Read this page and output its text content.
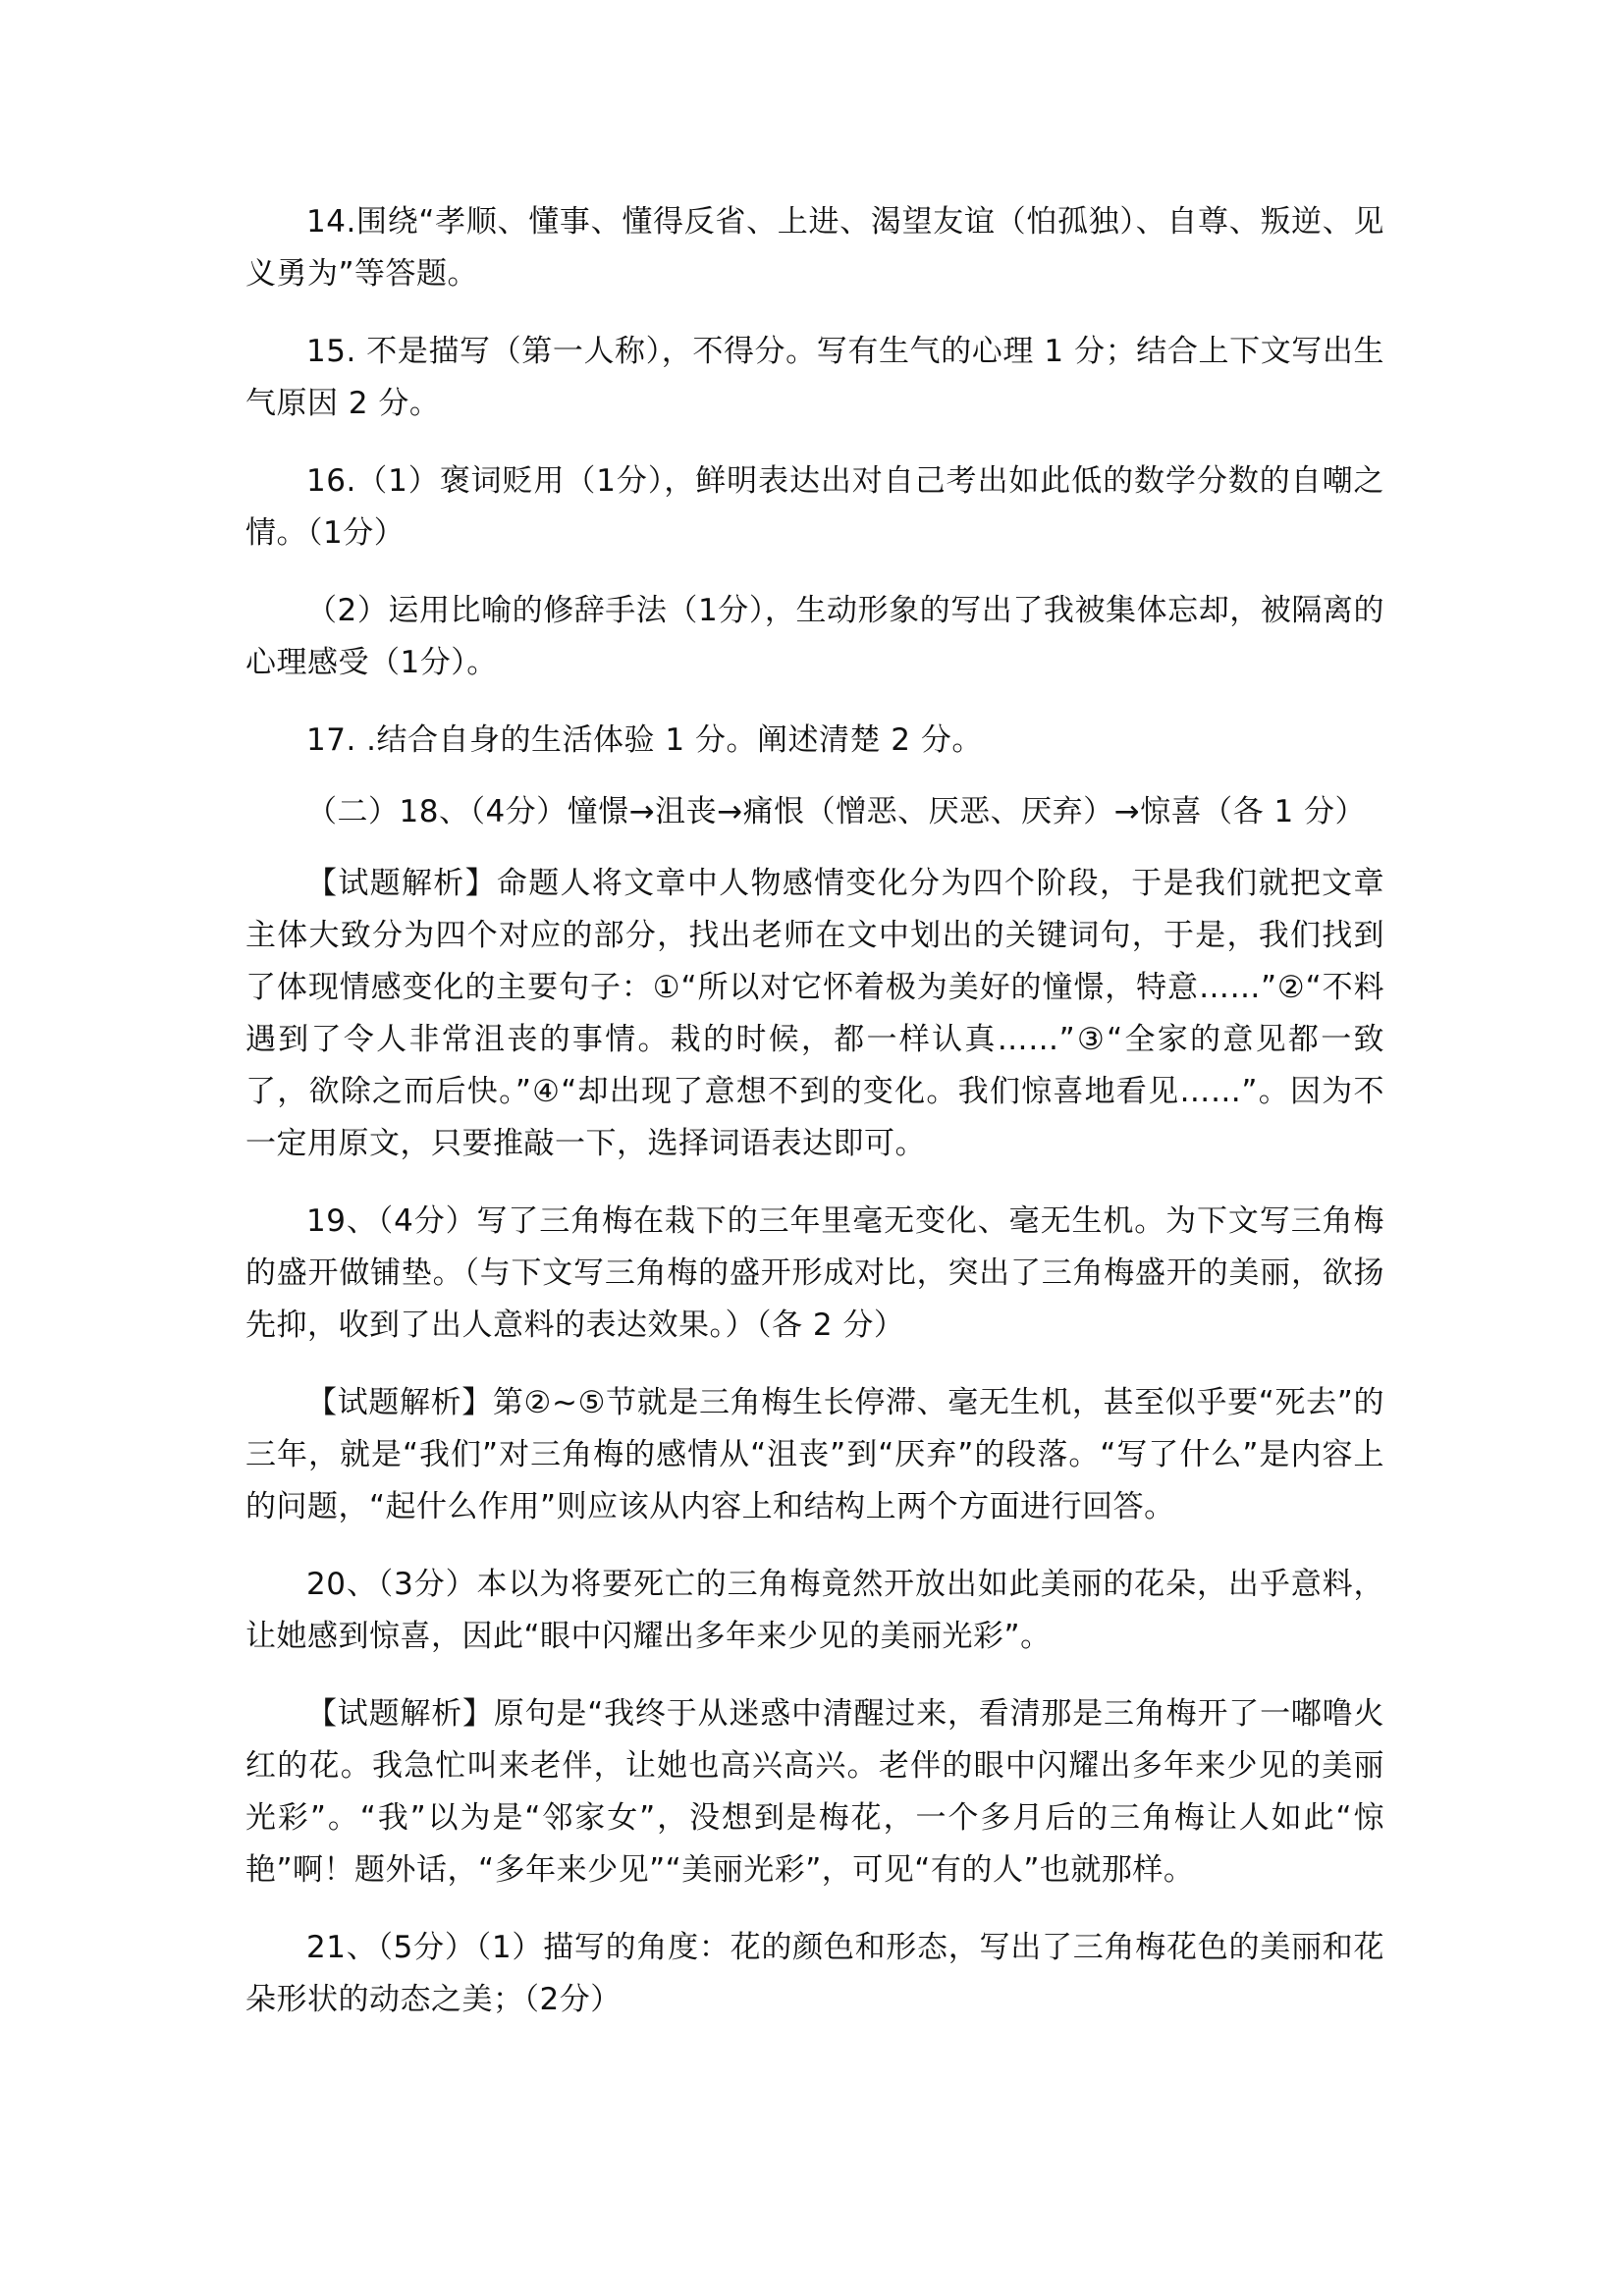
14.围绕“孝顺、懂事、懂得反省、上进、渴望友谊（怕孤独）、自尊、叛逆、见义勇为”等答题。

15. 不是描写（第一人称），不得分。写有生气的心理 1 分；结合上下文写出生气原因 2 分。

16.（1）褒词贬用（1分），鲜明表达出对自己考出如此低的数学分数的自嘲之情。（1分）

（2）运用比喻的修辞手法（1分），生动形象的写出了我被集体忘却，被隔离的心理感受（1分）。

17. .结合自身的生活体验 1 分。阐述清楚 2 分。

（二）18、（4分）憧憬→沮丧→痛恨（憎恶、厌恶、厌弃）→惊喜（各 1 分）

【试题解析】命题人将文章中人物感情变化分为四个阶段，于是我们就把文章主体大致分为四个对应的部分，找出老师在文中划出的关键词句，于是，我们找到了体现情感变化的主要句子：①“所以对它怀着极为美好的憧憬，特意……”②“不料遇到了令人非常沮丧的事情。栽的时候，都一样认真……”③“全家的意见都一致了，欲除之而后快。”④“却出现了意想不到的变化。我们惊喜地看见……”。因为不一定用原文，只要推敲一下，选择词语表达即可。

19、（4分）写了三角梅在栽下的三年里毫无变化、毫无生机。为下文写三角梅的盛开做铺垫。（与下文写三角梅的盛开形成对比，突出了三角梅盛开的美丽，欲扬先抑，收到了出人意料的表达效果。）（各 2 分）

【试题解析】第②~⑤节就是三角梅生长停滞、毫无生机，甚至似乎要“死去”的三年，就是“我们”对三角梅的感情从“沮丧”到“厌弃”的段落。“写了什么”是内容上的问题，“起什么作用”则应该从内容上和结构上两个方面进行回答。

20、（3分）本以为将要死亡的三角梅竟然开放出如此美丽的花朵，出乎意料，让她感到惊喜，因此“眼中闪耀出多年来少见的美丽光彩”。

【试题解析】原句是“我终于从迷惑中清醒过来，看清那是三角梅开了一嘟噜火红的花。我急忙叫来老伴，让她也高兴高兴。老伴的眼中闪耀出多年来少见的美丽光彩”。“我”以为是“邻家女”，没想到是梅花，一个多月后的三角梅让人如此“惊艳”啊！题外话，“多年来少见”“美丽光彩”，可见“有的人”也就那样。

21、（5分）（1）描写的角度：花的颜色和形态，写出了三角梅花色的美丽和花朵形状的动态之美；（2分）
